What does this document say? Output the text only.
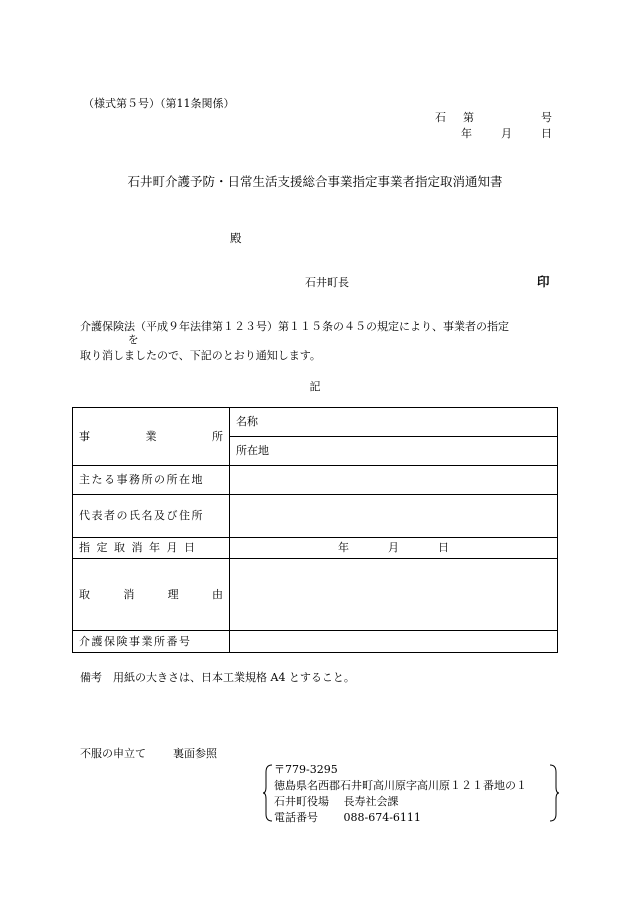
（様式第５号）（第11条関係）
石 第	号
年	月	日
石井町介護予防・日常生活支援総合事業指定事業者指定取消通知書
殿
石井町長	印
介護保険法（平成９年法律第１２３号）第１１５条の４５の規定により、事業者の指定
を
取り消しましたので、下記のとおり通知します。
記
事 業 所	名称
	所在地

主たる事務所の所在地	

代表者の氏名及び住所	

指定取消年月日	年 月 日

取 消 理 由	

介護保険事業所番号	

備考　用紙の大きさは、日本工業規格 A4 とすること。
不服の申立て 裏面参照
〒779-3295
徳島県名西郡石井町高川原字高川原１２１番地の１
石井町役場　 長寿社会課
電話番号　　 088-674-6111
